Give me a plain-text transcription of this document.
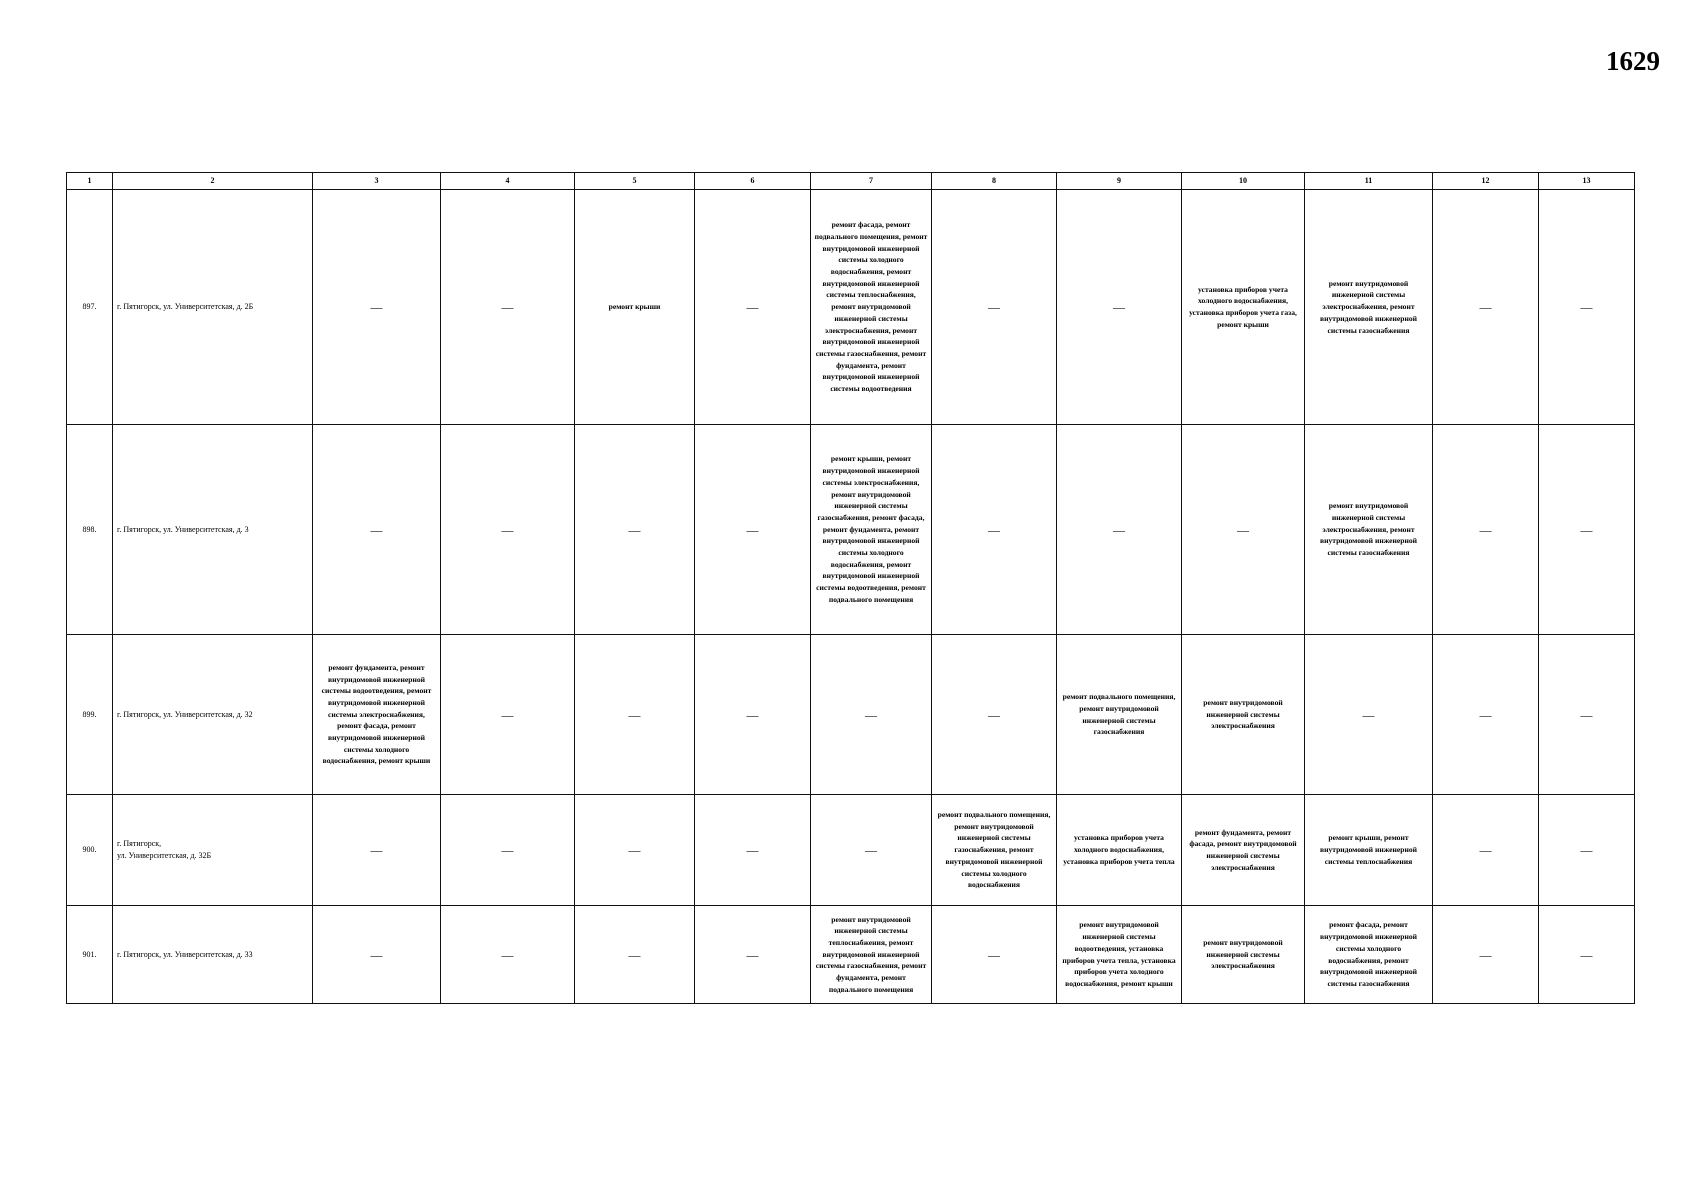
1629
1	2	3	4	5	6	7	8	9	10	11	12	13
897.	г. Пятигорск, ул. Университетская, д. 2Б	—	—	ремонт крыши	—	ремонт фасада, ремонт подвального помещения, ремонт внутридомовой инженерной системы холодного водоснабжения, ремонт внутридомовой инженерной системы теплоснабжения, ремонт внутридомовой инженерной системы электроснабжения, ремонт внутридомовой инженерной системы газоснабжения, ремонт фундамента, ремонт внутридомовой инженерной системы водоотведения	—	—	установка приборов учета холодного водоснабжения, установка приборов учета газа, ремонт крыши	ремонт внутридомовой инженерной системы электроснабжения, ремонт внутридомовой инженерной системы газоснабжения	—	—
898.	г. Пятигорск, ул. Университетская, д. 3	—	—	—	—	ремонт крыши, ремонт внутридомовой инженерной системы электроснабжения, ремонт внутридомовой инженерной системы газоснабжения, ремонт фасада, ремонт фундамента, ремонт внутридомовой инженерной системы холодного водоснабжения, ремонт внутридомовой инженерной системы водоотведения, ремонт подвального помещения	—	—	—	ремонт внутридомовой инженерной системы электроснабжения, ремонт внутридомовой инженерной системы газоснабжения	—	—
899.	г. Пятигорск, ул. Университетская, д. 32	ремонт фундамента, ремонт внутридомовой инженерной системы водоотведения, ремонт внутридомовой инженерной системы электроснабжения, ремонт фасада, ремонт внутридомовой инженерной системы холодного водоснабжения, ремонт крыши	—	—	—	—	—	ремонт подвального помещения, ремонт внутридомовой инженерной системы газоснабжения	ремонт внутридомовой инженерной системы электроснабжения	—	—	—
900.	г. Пятигорск,
ул. Университетская, д. 32Б	—	—	—	—	—	ремонт подвального помещения, ремонт внутридомовой инженерной системы газоснабжения, ремонт внутридомовой инженерной системы холодного водоснабжения	установка приборов учета холодного водоснабжения, установка приборов учета тепла	ремонт фундамента, ремонт фасада, ремонт внутридомовой инженерной системы электроснабжения	ремонт крыши, ремонт внутридомовой инженерной системы теплоснабжения	—	—
901.	г. Пятигорск, ул. Университетская, д. 33	—	—	—	—	ремонт внутридомовой инженерной системы теплоснабжения, ремонт внутридомовой инженерной системы газоснабжения, ремонт фундамента, ремонт подвального помещения	—	ремонт внутридомовой инженерной системы водоотведения, установка приборов учета тепла, установка приборов учета холодного водоснабжения, ремонт крыши	ремонт внутридомовой инженерной системы электроснабжения	ремонт фасада, ремонт внутридомовой инженерной системы холодного водоснабжения, ремонт внутридомовой инженерной системы газоснабжения	—	—
